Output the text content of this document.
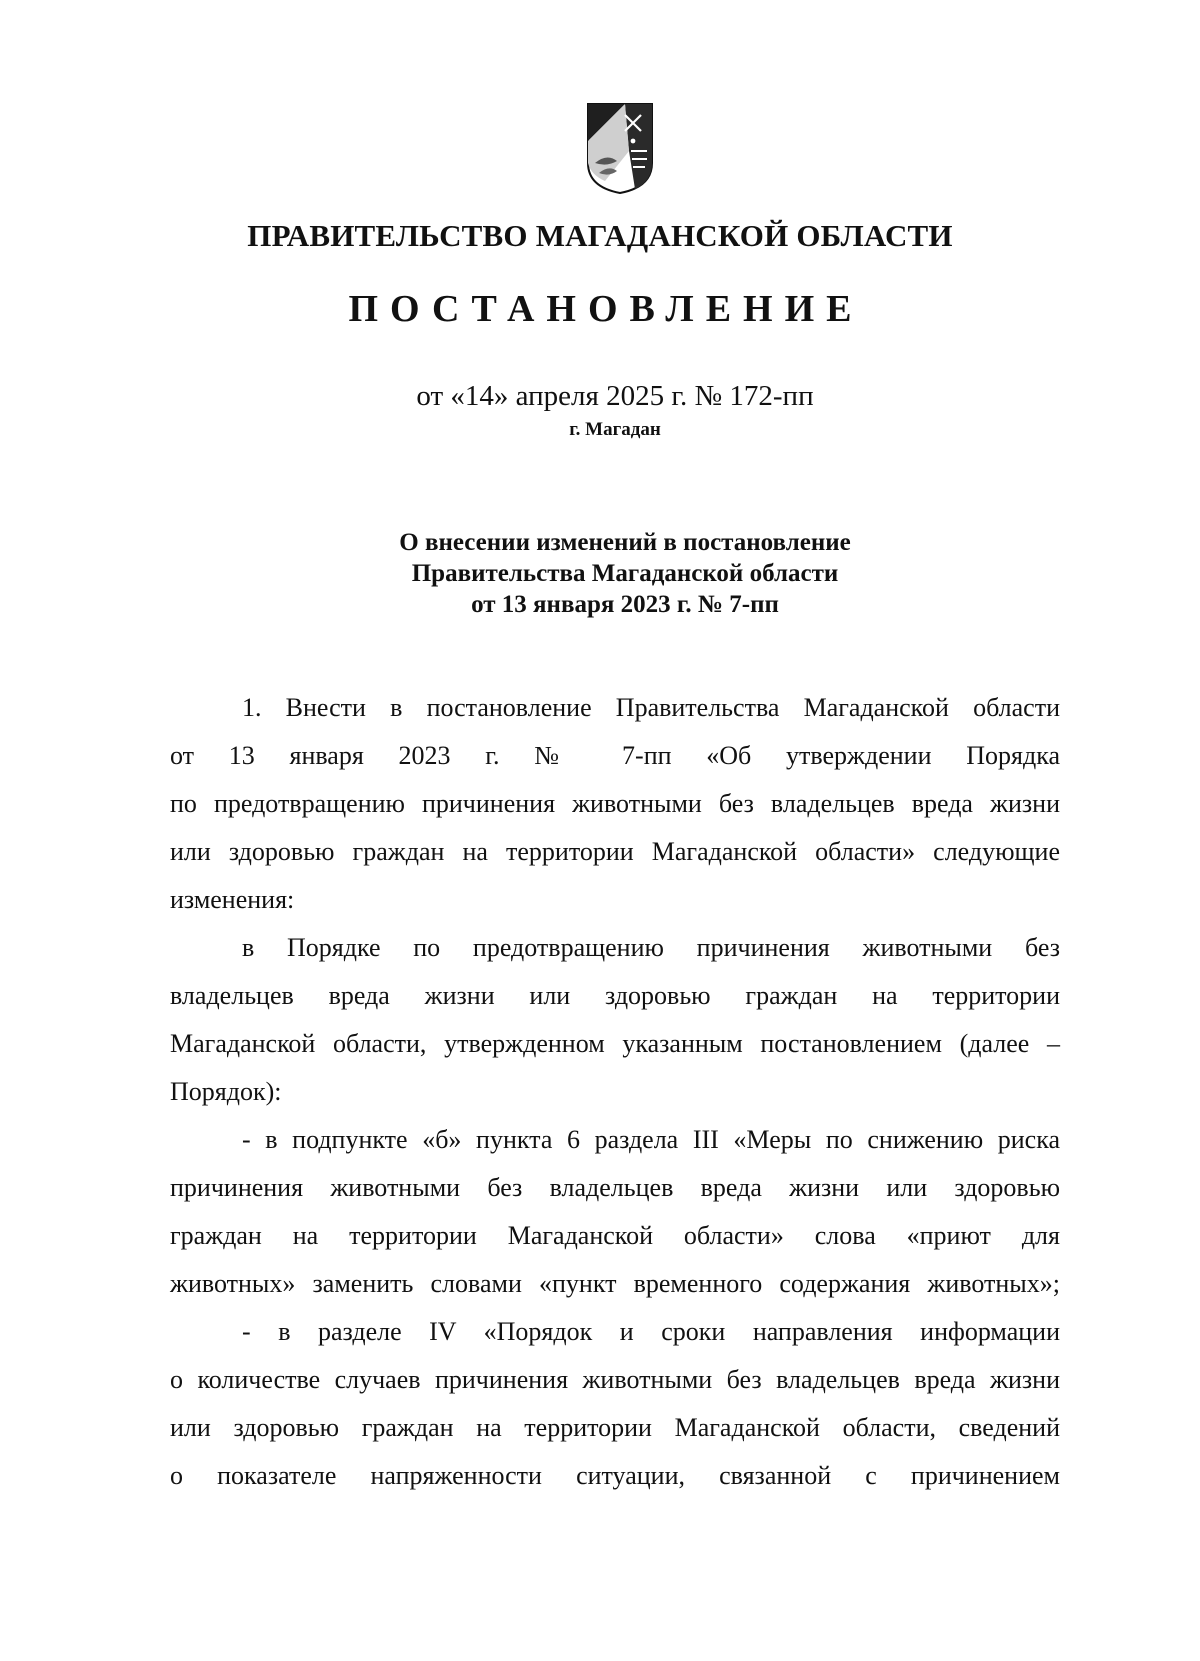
ПРАВИТЕЛЬСТВО МАГАДАНСКОЙ ОБЛАСТИ
ПОСТАНОВЛЕНИЕ
от «14» апреля 2025 г. № 172-пп
г. Магадан
О внесении изменений в постановление
Правительства Магаданской области
от 13 января 2023 г. № 7-пп
1. Внести в постановление Правительства Магаданской области
от 13 января 2023 г. № 7-пп «Об утверждении Порядка
по предотвращению причинения животными без владельцев вреда жизни
или здоровью граждан на территории Магаданской области» следующие
изменения:
в Порядке по предотвращению причинения животными без
владельцев вреда жизни или здоровью граждан на территории
Магаданской области, утвержденном указанным постановлением (далее –
Порядок):
- в подпункте «б» пункта 6 раздела III «Меры по снижению риска
причинения животными без владельцев вреда жизни или здоровью
граждан на территории Магаданской области» слова «приют для
животных» заменить словами «пункт временного содержания животных»;
- в разделе IV «Порядок и сроки направления информации
о количестве случаев причинения животными без владельцев вреда жизни
или здоровью граждан на территории Магаданской области, сведений
о показателе напряженности ситуации, связанной с причинением
